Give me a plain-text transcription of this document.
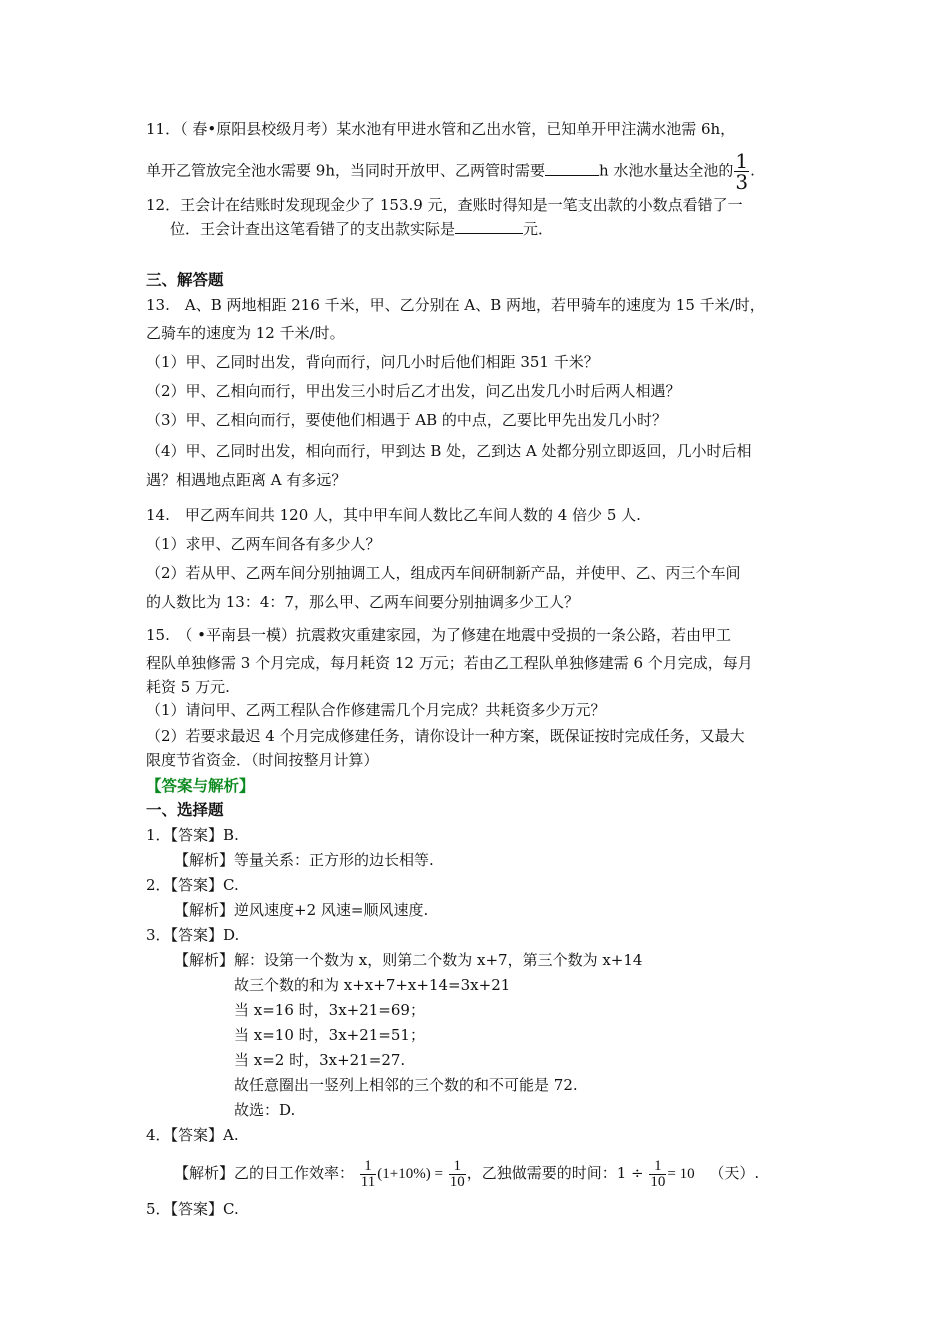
11．（ 春•原阳县校级月考）某水池有甲进水管和乙出水管，已知单开甲注满水池需 6h，
单开乙管放完全池水需要 9h，当同时开放甲、乙两管时需要	h 水池水量达全池的 $\frac{1}{3}$ .
12．王会计在结账时发现现金少了 153.9 元，查账时得知是一笔支出款的小数点看错了一
位．王会计查出这笔看错了的支出款实际是	元．
三、解答题
13.　A、B 两地相距 216 千米，甲、乙分别在 A、B 两地，若甲骑车的速度为 15 千米/时，
乙骑车的速度为 12 千米/时。
（1）甲、乙同时出发，背向而行，问几小时后他们相距 351 千米？
（2）甲、乙相向而行，甲出发三小时后乙才出发，问乙出发几小时后两人相遇？
（3）甲、乙相向而行，要使他们相遇于 AB 的中点，乙要比甲先出发几小时？
（4）甲、乙同时出发，相向而行，甲到达 B 处，乙到达 A 处都分别立即返回，几小时后相
遇？相遇地点距离 A 有多远？
14.　甲乙两车间共 120 人，其中甲车间人数比乙车间人数的 4 倍少 5 人.
（1）求甲、乙两车间各有多少人？
（2）若从甲、乙两车间分别抽调工人，组成丙车间研制新产品，并使甲、乙、丙三个车间
的人数比为 13：4：7，那么甲、乙两车间要分别抽调多少工人？
15.　（ •平南县一模）抗震救灾重建家园，为了修建在地震中受损的一条公路，若由甲工
程队单独修需 3 个月完成，每月耗资 12 万元；若由乙工程队单独修建需 6 个月完成，每月
耗资 5 万元.
（1）请问甲、乙两工程队合作修建需几个月完成？共耗资多少万元？
（2）若要求最迟 4 个月完成修建任务，请你设计一种方案，既保证按时完成任务，又最大
限度节省资金．（时间按整月计算）
【答案与解析】
一、选择题
1．【答案】B.
【解析】等量关系：正方形的边长相等.
2．【答案】C.
【解析】逆风速度+2 风速=顺风速度.
3．【答案】D.
【解析】解：设第一个数为 x，则第二个数为 x+7，第三个数为 x+14
故三个数的和为 x+x+7+x+14=3x+21
当 x=16 时，3x+21=69；
当 x=10 时，3x+21=51；
当 x=2 时，3x+21=27.
故任意圈出一竖列上相邻的三个数的和不可能是 72.
故选：D.
4．【答案】A.
【解析】乙的日工作效率： $\frac{1}{11} (1+10\%) = \frac{1}{10}$ ，乙独做需要的时间：$1 \div \frac{1}{10} = 10$ （天）.
5．【答案】C.
